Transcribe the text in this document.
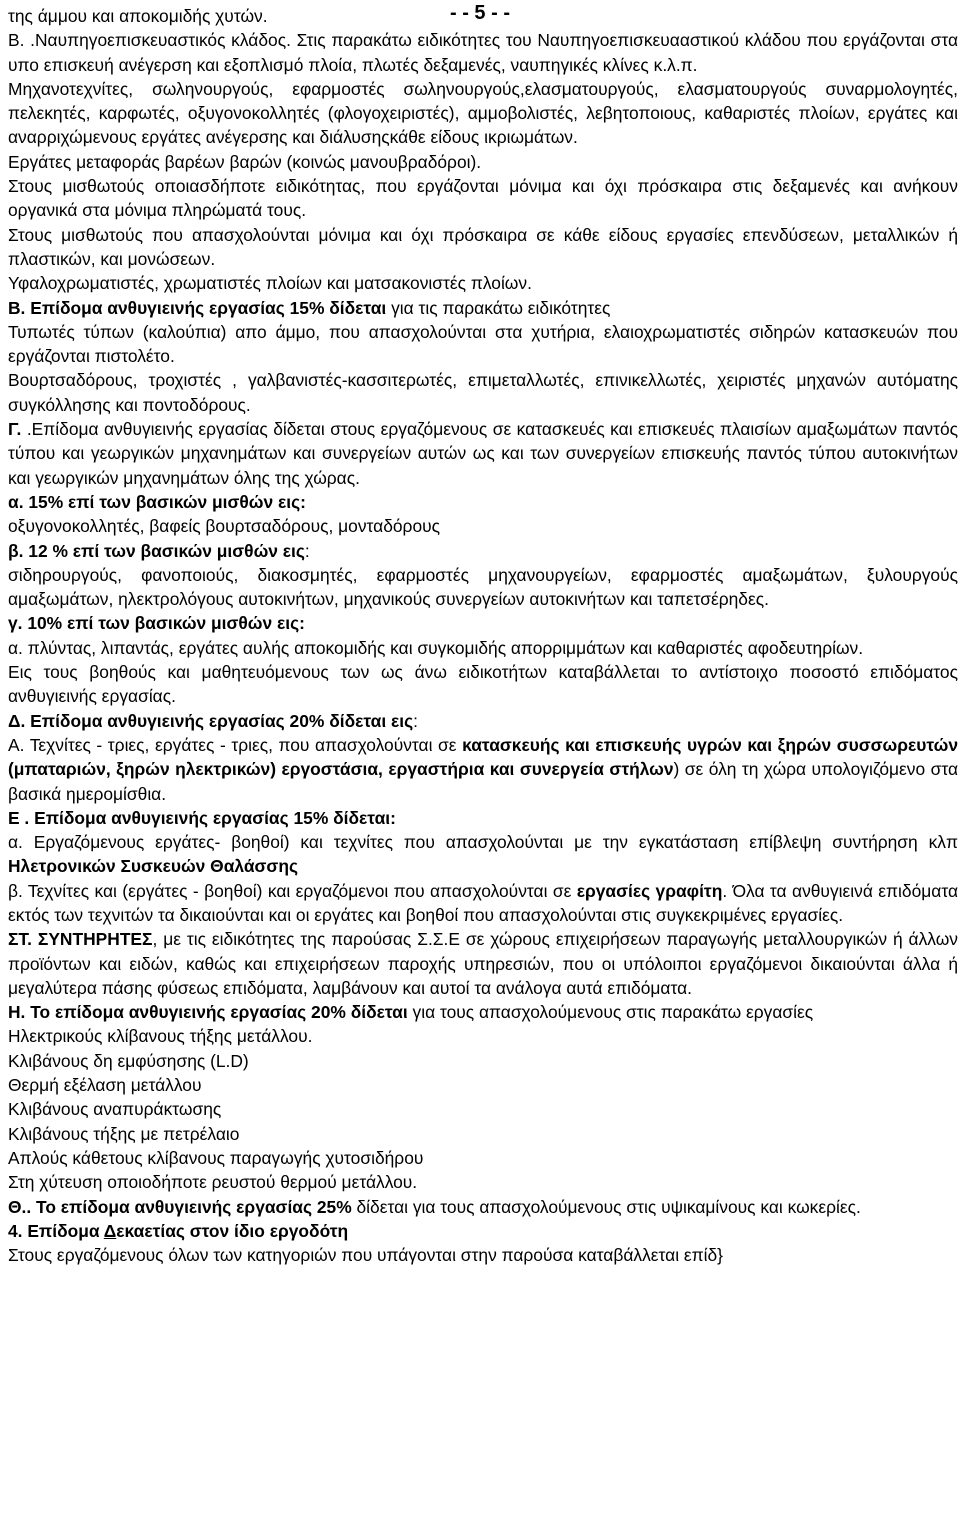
- - 5 - -

της άμμου και αποκομιδής χυτών.

Β. .Ναυπηγοεπισκευαστικός κλάδος. Στις παρακάτω ειδικότητες του Ναυπηγοεπισκευααστικού κλάδου που εργάζονται στα υπο επισκευή ανέγερση και εξοπλισμό πλοία, πλωτές δεξαμενές, ναυπηγικές κλίνες κ.λ.π.

Μηχανοτεχνίτες, σωληνουργούς, εφαρμοστές σωληνουργούς,ελασματουργούς, ελασματουργούς συναρμολογητές, πελεκητές, καρφωτές, οξυγονοκολλητές (φλογοχειριστές), αμμοβολιστές, λεβητοποιους, καθαριστές πλοίων, εργάτες και αναρριχώμενους εργάτες ανέγερσης και διάλυσηςκάθε είδους ικριωμάτων.

Εργάτες μεταφοράς βαρέων βαρών (κοινώς μανουβραδόροι).

Στους μισθωτούς οποιασδήποτε ειδικότητας, που εργάζονται μόνιμα και όχι πρόσκαιρα στις δεξαμενές και ανήκουν οργανικά στα μόνιμα πληρώματά τους.

Στους μισθωτούς που απασχολούνται μόνιμα και όχι πρόσκαιρα σε κάθε είδους εργασίες επενδύσεων, μεταλλικών ή πλαστικών, και μονώσεων.

Υφαλοχρωματιστές, χρωματιστές πλοίων και ματσακονιστές πλοίων.

Β. Επίδομα ανθυγιεινής εργασίας 15% δίδεται για τις παρακάτω ειδικότητες

Τυπωτές τύπων (καλούπια) απο άμμο, που απασχολούνται στα χυτήρια, ελαιοχρωματιστές σιδηρών κατασκευών που εργάζονται πιστολέτο.

Βουρτσαδόρους, τροχιστές , γαλβανιστές-κασσιτερωτές, επιμεταλλωτές, επινικελλωτές, χειριστές μηχανών αυτόματης συγκόλλησης και ποντοδόρους.

Γ. .Επίδομα ανθυγιεινής εργασίας δίδεται στους εργαζόμενους σε κατασκευές και επισκευές πλαισίων αμαξωμάτων παντός τύπου και γεωργικών μηχανημάτων και συνεργείων αυτών ως και των συνεργείων επισκευής παντός τύπου αυτοκινήτων και γεωργικών μηχανημάτων όλης της χώρας.

α. 15% επί των βασικών μισθών εις:

οξυγονοκολλητές, βαφείς βουρτσαδόρους, μονταδόρους

β. 12 % επί των βασικών μισθών εις:

σιδηρουργούς, φανοποιούς, διακοσμητές, εφαρμοστές μηχανουργείων, εφαρμοστές αμαξωμάτων, ξυλουργούς αμαξωμάτων, ηλεκτρολόγους αυτοκινήτων, μηχανικούς συνεργείων αυτοκινήτων και ταπετσέρηδες.

γ. 10% επί των βασικών μισθών εις:

α. πλύντας, λιπαντάς, εργάτες αυλής αποκομιδής και συγκομιδής απορριμμάτων και καθαριστές αφοδευτηρίων.

Εις τους βοηθούς και μαθητευόμενους των ως άνω ειδικοτήτων καταβάλλεται το αντίστοιχο ποσοστό επιδόματος ανθυγιεινής εργασίας.

Δ. Επίδομα ανθυγιεινής εργασίας 20% δίδεται εις:

Α. Τεχνίτες - τριες, εργάτες - τριες, που απασχολούνται σε κατασκευής και επισκευής υγρών και ξηρών συσσωρευτών (μπαταριών, ξηρών ηλεκτρικών) εργοστάσια, εργαστήρια και συνεργεία στήλων) σε όλη τη χώρα υπολογιζόμενο στα βασικά ημερομίσθια.

Ε . Επίδομα ανθυγιεινής εργασίας 15% δίδεται:

α. Εργαζόμενους εργάτες- βοηθοί) και τεχνίτες που απασχολούνται με την εγκατάσταση επίβλεψη συντήρηση κλπ Ηλετρονικών Συσκευών Θαλάσσης

β. Τεχνίτες και (εργάτες - βοηθοί) και εργαζόμενοι που απασχολούνται σε εργασίες γραφίτη. Όλα τα ανθυγιεινά επιδόματα εκτός των τεχνιτών τα δικαιούνται και οι εργάτες και βοηθοί που απασχολούνται στις συγκεκριμένες εργασίες.

ΣΤ. ΣΥΝΤΗΡΗΤΕΣ, με τις ειδικότητες της παρούσας Σ.Σ.Ε σε χώρους επιχειρήσεων παραγωγής μεταλλουργικών ή άλλων προϊόντων και ειδών, καθώς και επιχειρήσεων παροχής υπηρεσιών, που οι υπόλοιποι εργαζόμενοι δικαιούνται άλλα ή μεγαλύτερα πάσης φύσεως επιδόματα, λαμβάνουν και αυτοί τα ανάλογα αυτά επιδόματα.

Η. Το επίδομα ανθυγιεινής εργασίας 20% δίδεται για τους απασχολούμενους στις παρακάτω εργασίες

Ηλεκτρικούς κλίβανους τήξης μετάλλου.

Κλιβάνους δη εμφύσησης (L.D)

Θερμή εξέλαση μετάλλου

Κλιβάνους αναπυράκτωσης

Κλιβάνους τήξης με πετρέλαιο

Απλούς κάθετους κλίβανους παραγωγής χυτοσιδήρου

Στη χύτευση οποιοδήποτε ρευστού θερμού μετάλλου.

Θ.. Το επίδομα ανθυγιεινής εργασίας 25% δίδεται για τους απασχολούμενους στις υψικαμίνους και κωκερίες.

4. Επίδομα Δεκαετίας στον ίδιο εργοδότη

Στους εργαζόμενους όλων των κατηγοριών που υπάγονται στην παρούσα καταβάλλεται επίδ}
